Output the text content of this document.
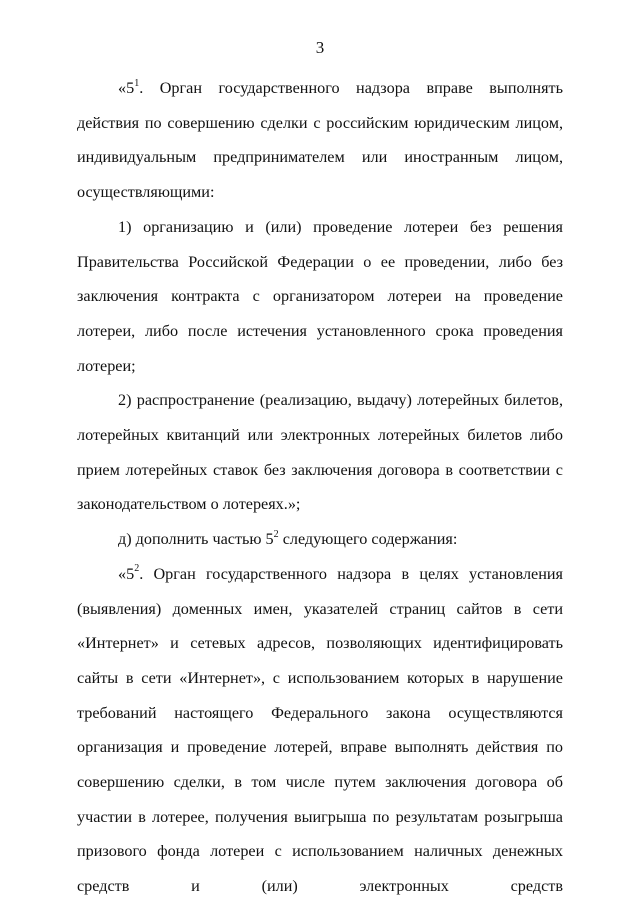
3

«$5^1$. Орган государственного надзора вправе выполнять действия по совершению сделки с российским юридическим лицом, индивидуальным предпринимателем или иностранным лицом, осуществляющими:

1) организацию и (или) проведение лотереи без решения Правительства Российской Федерации о ее проведении, либо без заключения контракта с организатором лотереи на проведение лотереи, либо после истечения установленного срока проведения лотереи;

2) распространение (реализацию, выдачу) лотерейных билетов, лотерейных квитанций или электронных лотерейных билетов либо прием лотерейных ставок без заключения договора в соответствии с законодательством о лотереях.»;

д) дополнить частью $5^2$ следующего содержания:

«$5^2$. Орган государственного надзора в целях установления (выявления) доменных имен, указателей страниц сайтов в сети «Интернет» и сетевых адресов, позволяющих идентифицировать сайты в сети «Интернет», с использованием которых в нарушение требований настоящего Федерального закона осуществляются организация и проведение лотерей, вправе выполнять действия по совершению сделки, в том числе путем заключения договора об участии в лотерее, получения выигрыша по результатам розыгрыша призового фонда лотереи с использованием наличных денежных средств и (или) электронных средств
